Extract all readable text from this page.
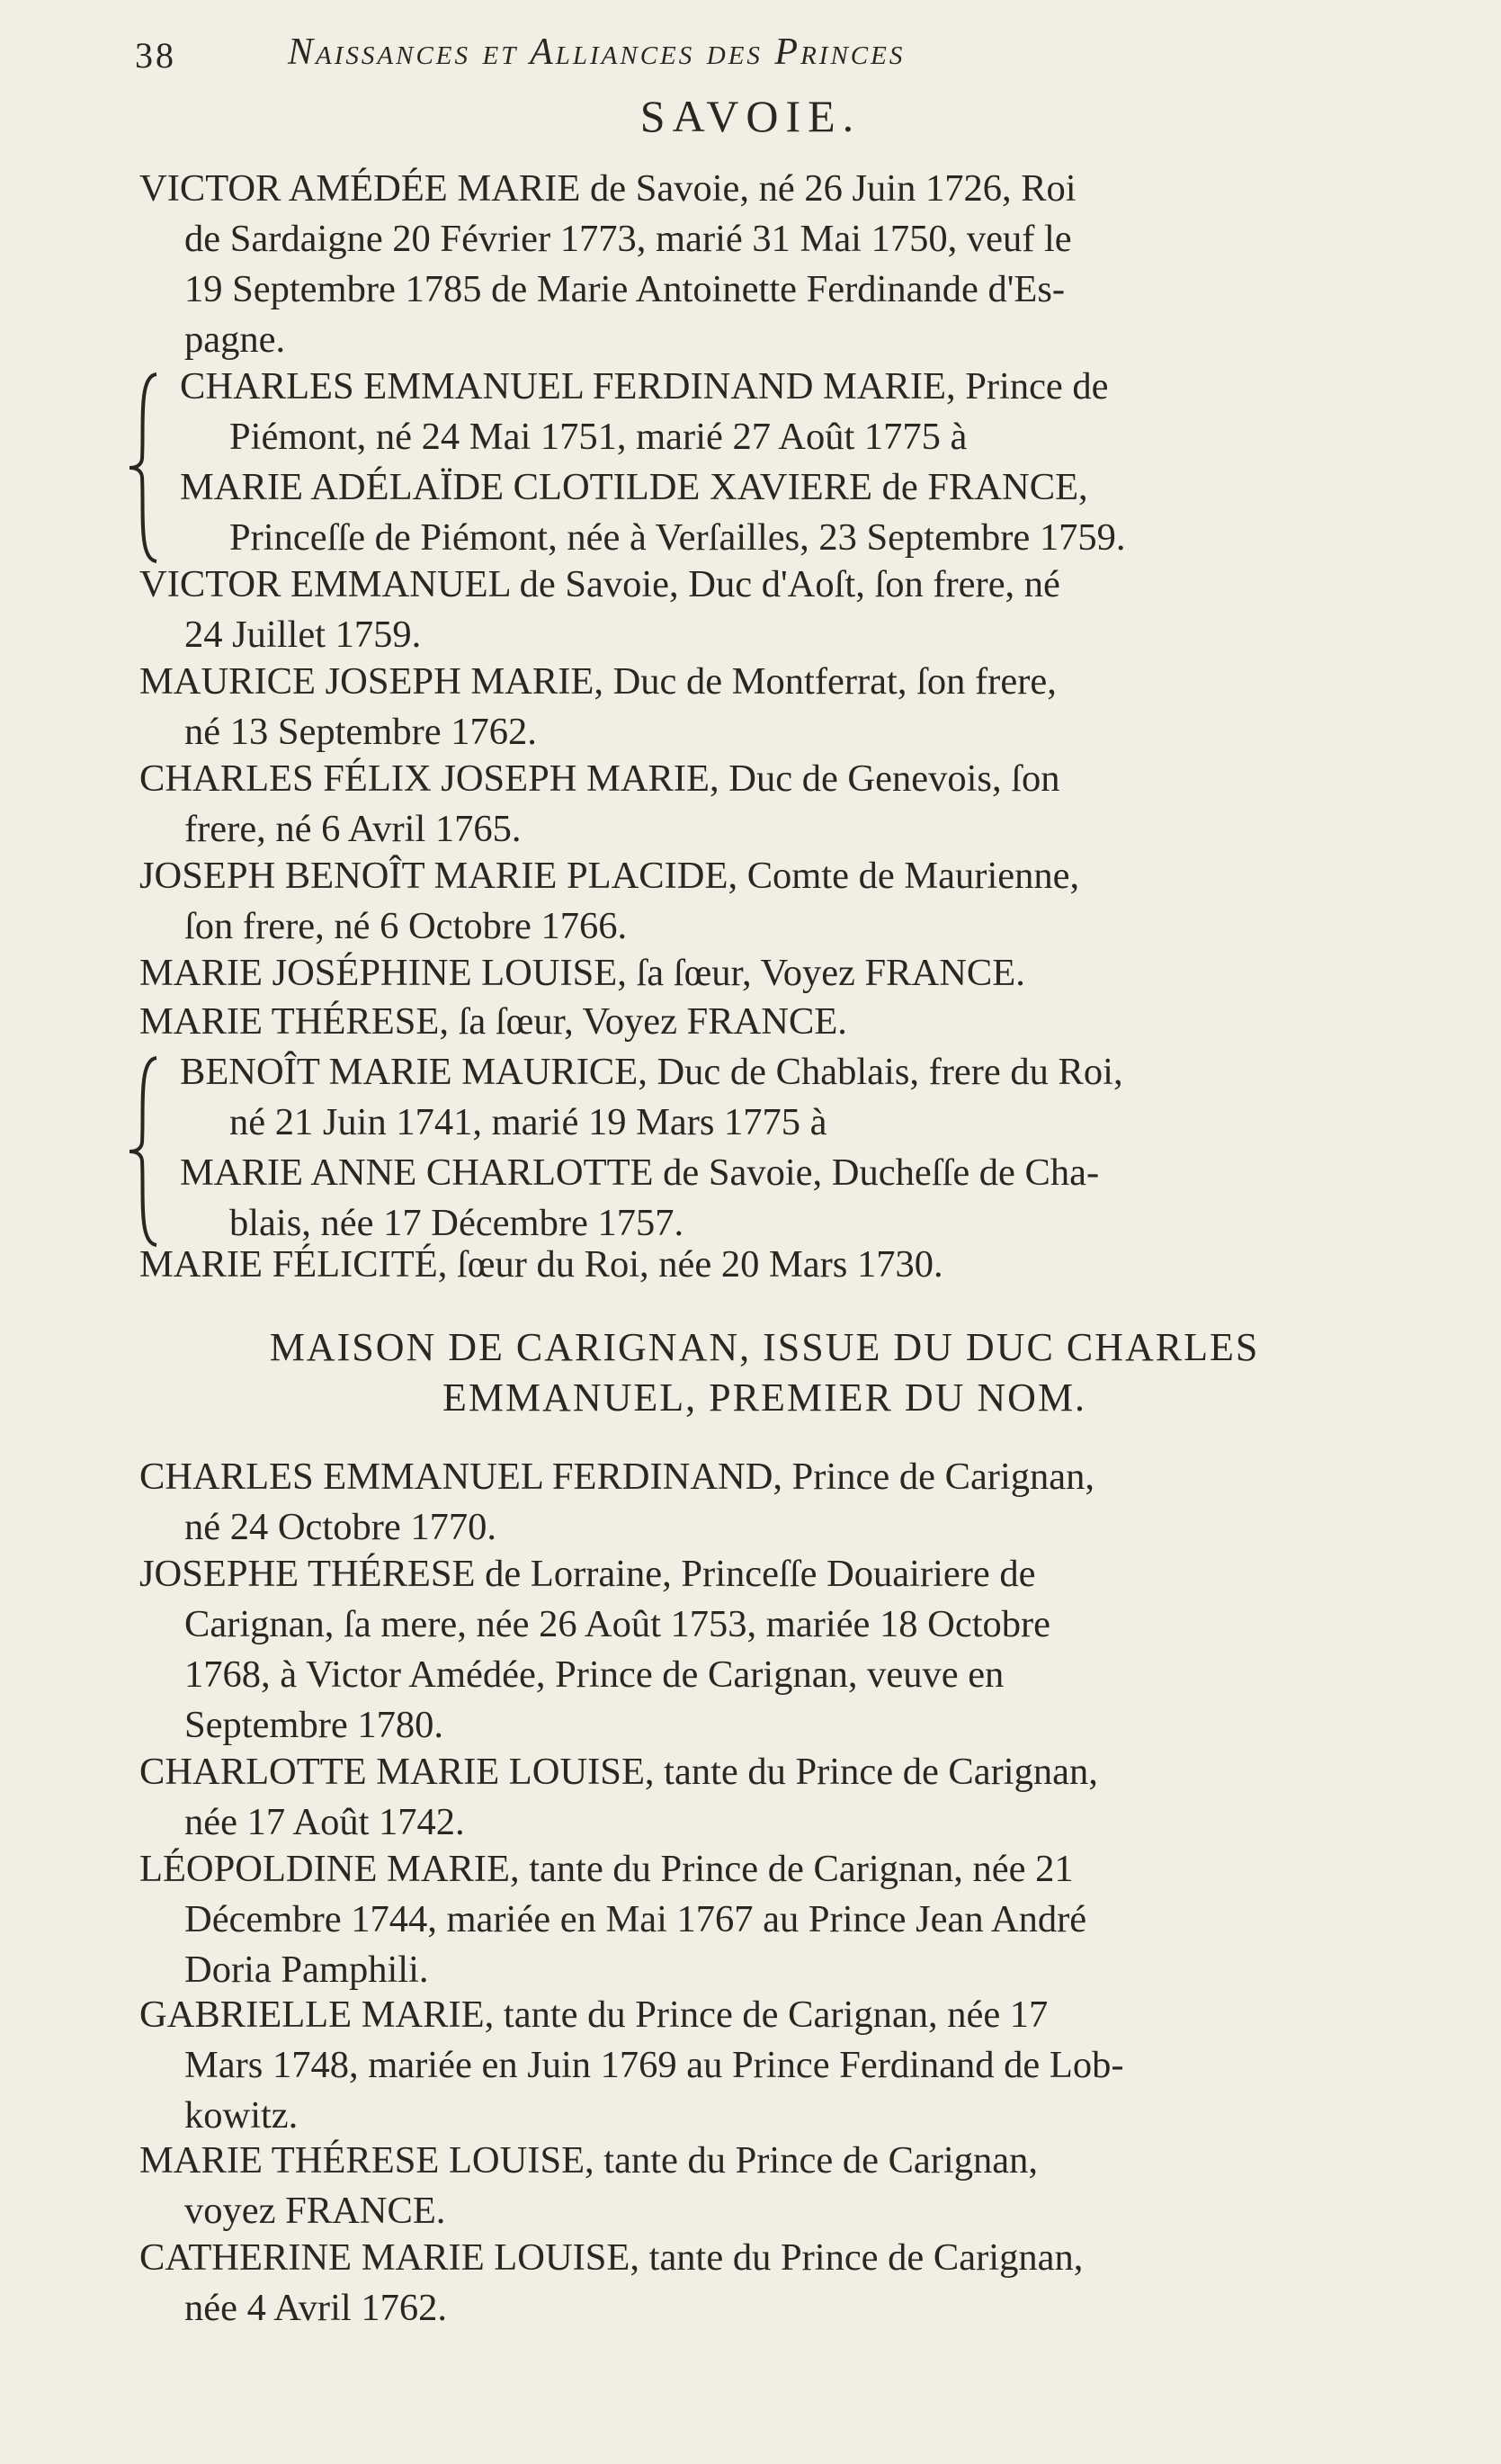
38	Naissances et Alliances des Princes
SAVOIE.
VICTOR AMÉDÉE MARIE de Savoie, né 26 Juin 1726, Roi
de Sardaigne 20 Février 1773, marié 31 Mai 1750, veuf le
19 Septembre 1785 de Marie Antoinette Ferdinande d'Es-
pagne.
CHARLES EMMANUEL FERDINAND MARIE, Prince de
Piémont, né 24 Mai 1751, marié 27 Août 1775 à
MARIE ADÉLAÏDE CLOTILDE XAVIERE de FRANCE,
Princeſſe de Piémont, née à Verſailles, 23 Septembre 1759.
VICTOR EMMANUEL de Savoie, Duc d'Aoſt, ſon frere, né
24 Juillet 1759.
MAURICE JOSEPH MARIE, Duc de Montferrat, ſon frere,
né 13 Septembre 1762.
CHARLES FÉLIX JOSEPH MARIE, Duc de Genevois, ſon
frere, né 6 Avril 1765.
JOSEPH BENOÎT MARIE PLACIDE, Comte de Maurienne,
ſon frere, né 6 Octobre 1766.
MARIE JOSÉPHINE LOUISE, ſa ſœur, Voyez FRANCE.
MARIE THÉRESE, ſa ſœur, Voyez FRANCE.
BENOÎT MARIE MAURICE, Duc de Chablais, frere du Roi,
né 21 Juin 1741, marié 19 Mars 1775 à
MARIE ANNE CHARLOTTE de Savoie, Ducheſſe de Cha-
blais, née 17 Décembre 1757.
MARIE FÉLICITÉ, ſœur du Roi, née 20 Mars 1730.
MAISON DE CARIGNAN, ISSUE DU DUC CHARLES
EMMANUEL, PREMIER DU NOM.
CHARLES EMMANUEL FERDINAND, Prince de Carignan,
né 24 Octobre 1770.
JOSEPHE THÉRESE de Lorraine, Princeſſe Douairiere de
Carignan, ſa mere, née 26 Août 1753, mariée 18 Octobre
1768, à Victor Amédée, Prince de Carignan, veuve en
Septembre 1780.
CHARLOTTE MARIE LOUISE, tante du Prince de Carignan,
née 17 Août 1742.
LÉOPOLDINE MARIE, tante du Prince de Carignan, née 21
Décembre 1744, mariée en Mai 1767 au Prince Jean André
Doria Pamphili.
GABRIELLE MARIE, tante du Prince de Carignan, née 17
Mars 1748, mariée en Juin 1769 au Prince Ferdinand de Lob-
kowitz.
MARIE THÉRESE LOUISE, tante du Prince de Carignan,
voyez FRANCE.
CATHERINE MARIE LOUISE, tante du Prince de Carignan,
née 4 Avril 1762.
